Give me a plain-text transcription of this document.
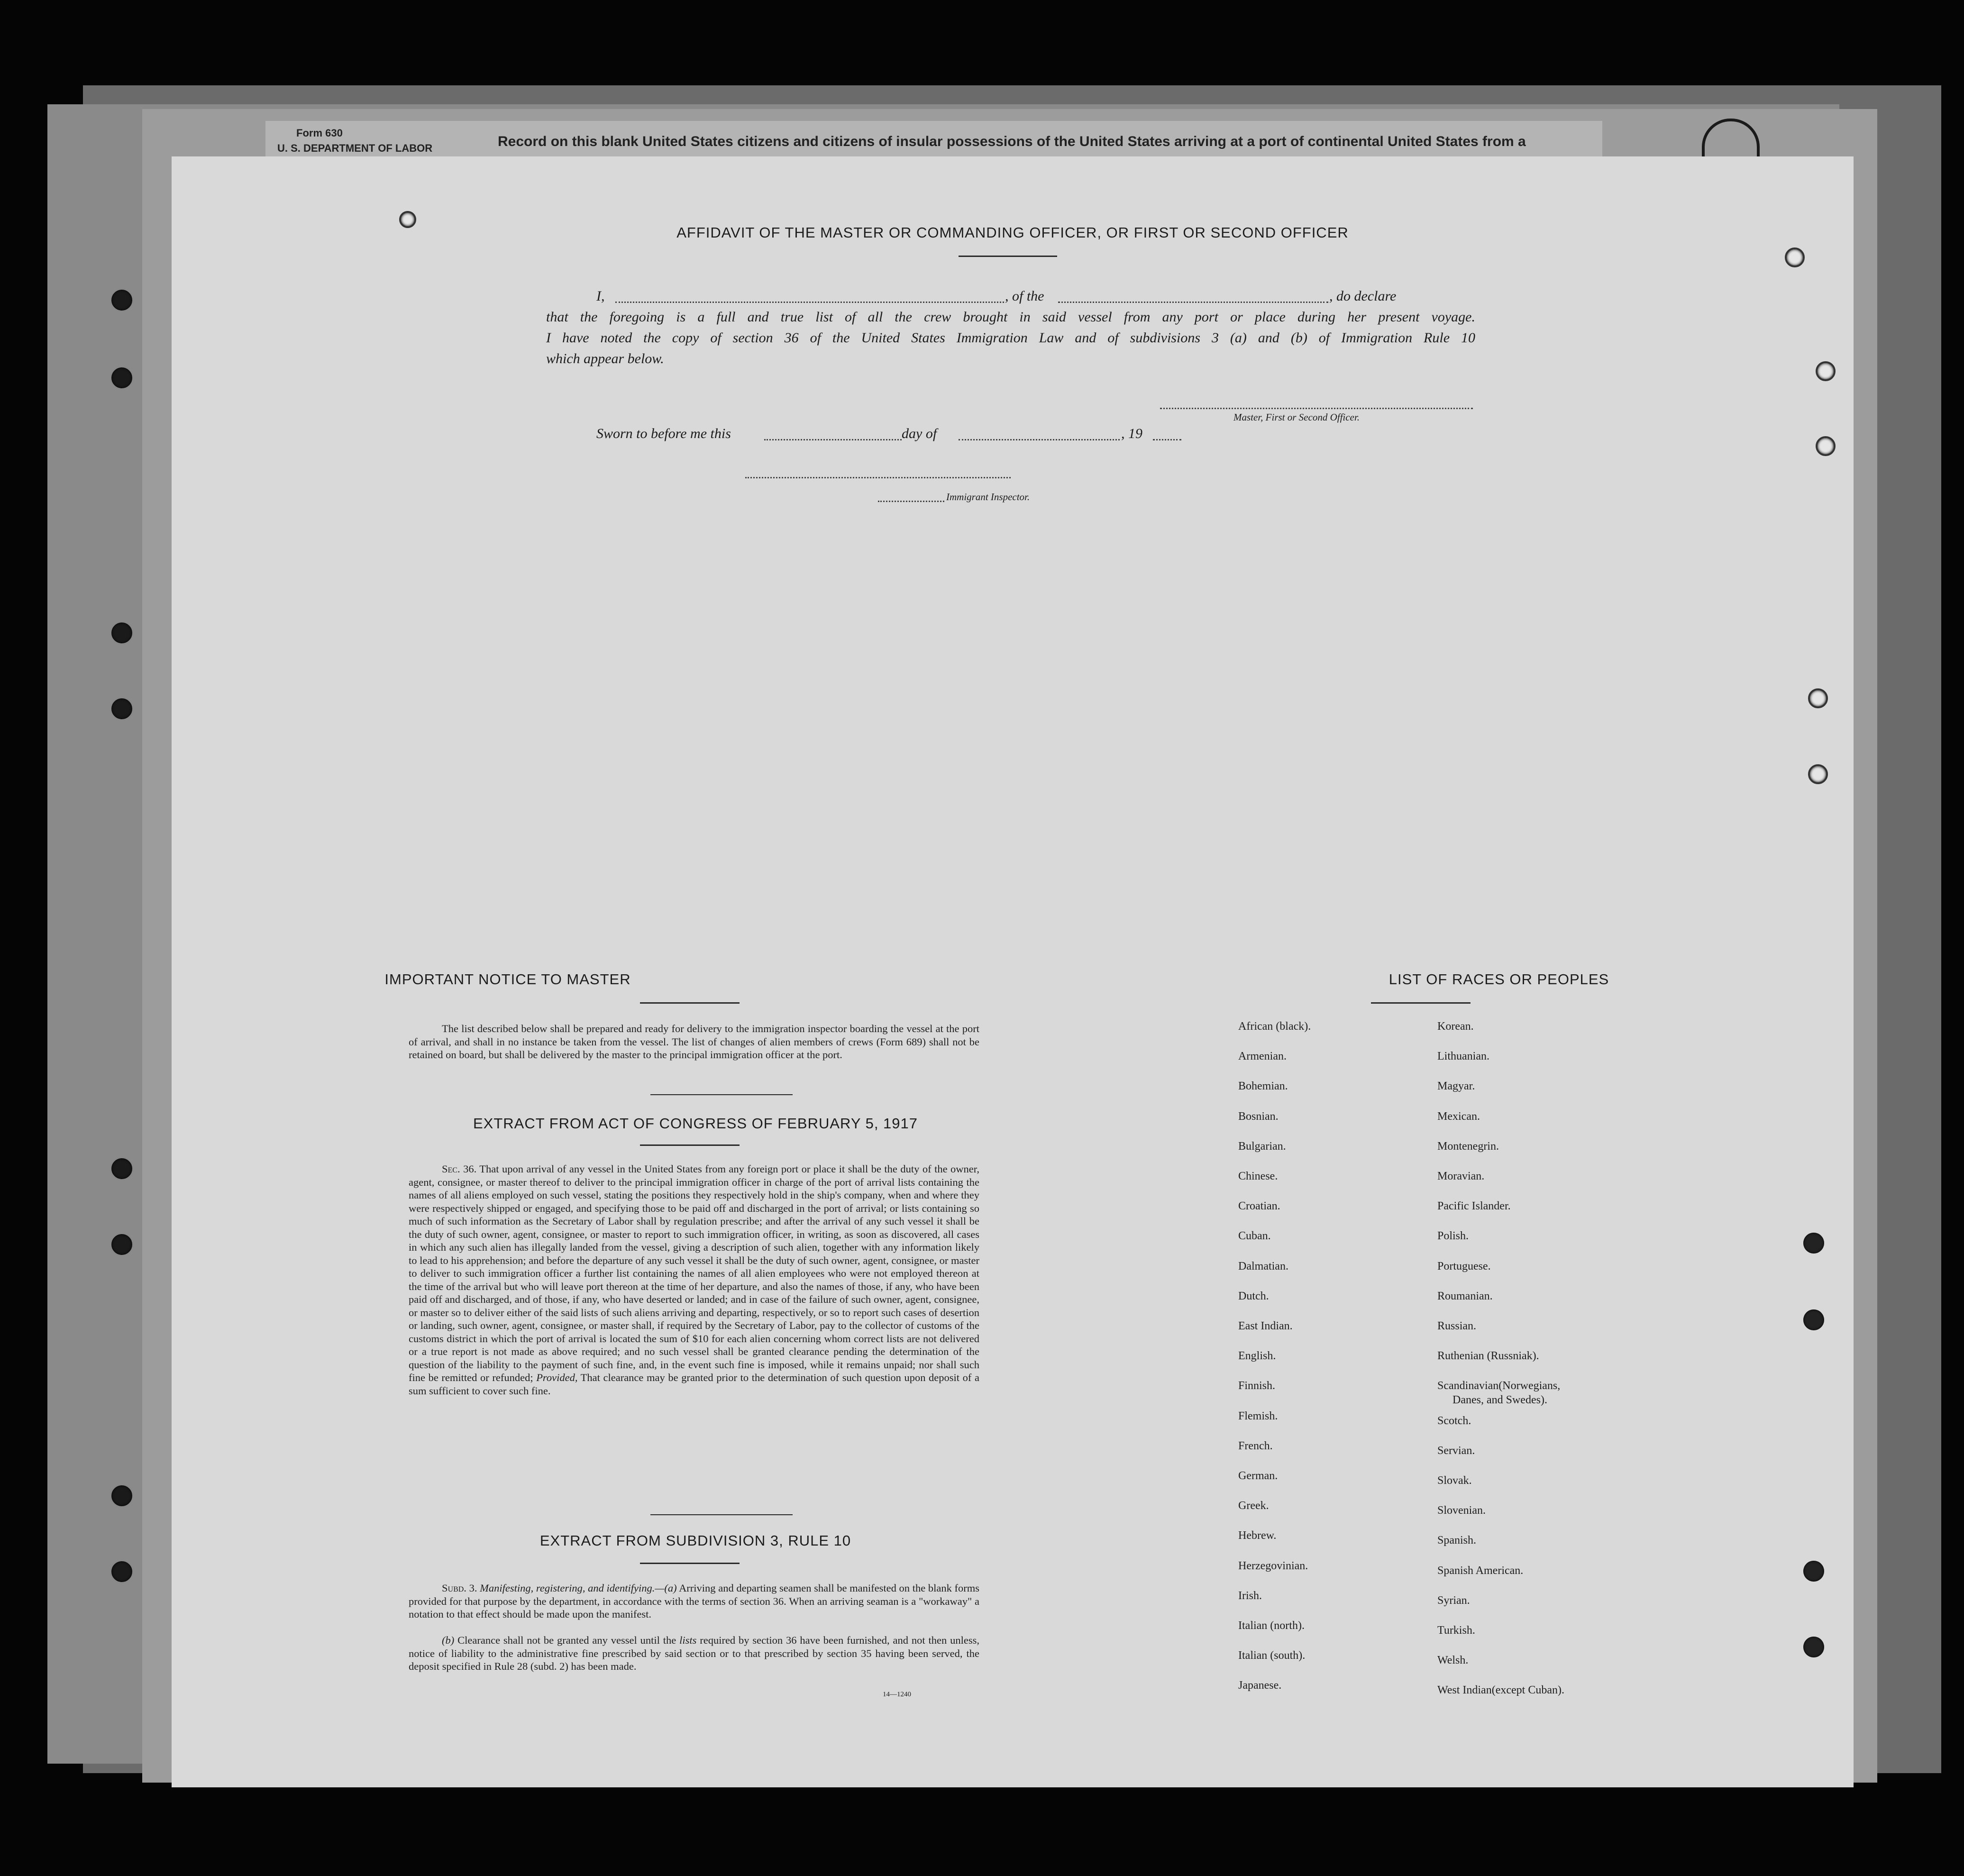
Form 630
U. S. DEPARTMENT OF LABOR	Record on this blank United States citizens and citizens of insular possessions of the United States arriving at a port of continental United States from a
AFFIDAVIT OF THE MASTER OR COMMANDING OFFICER, OR FIRST OR SECOND OFFICER
I,	, of the	, do declare
that the foregoing is a full and true list of all the crew brought in said vessel from any port or place during her present voyage.
I have noted the copy of section 36 of the United States Immigration Law and of subdivisions 3 (a) and (b) of Immigration Rule 10
which appear below.
Master, First or Second Officer.
Sworn to before me this	day of	, 19
Immigrant Inspector.
IMPORTANT NOTICE TO MASTER
The list described below shall be prepared and ready for delivery to the immigration inspector boarding the vessel at the port of arrival, and shall in no instance be taken from the vessel. The list of changes of alien members of crews (Form 689) shall not be retained on board, but shall be delivered by the master to the principal immigration officer at the port.
EXTRACT FROM ACT OF CONGRESS OF FEBRUARY 5, 1917
Sec. 36. That upon arrival of any vessel in the United States from any foreign port or place it shall be the duty of the owner, agent, consignee, or master thereof to deliver to the principal immigration officer in charge of the port of arrival lists containing the names of all aliens employed on such vessel, stating the positions they respectively hold in the ship's company, when and where they were respectively shipped or engaged, and specifying those to be paid off and discharged in the port of arrival; or lists containing so much of such information as the Secretary of Labor shall by regulation prescribe; and after the arrival of any such vessel it shall be the duty of such owner, agent, consignee, or master to report to such immigration officer, in writing, as soon as discovered, all cases in which any such alien has illegally landed from the vessel, giving a description of such alien, together with any information likely to lead to his apprehension; and before the departure of any such vessel it shall be the duty of such owner, agent, consignee, or master to deliver to such immigration officer a further list containing the names of all alien employees who were not employed thereon at the time of the arrival but who will leave port thereon at the time of her departure, and also the names of those, if any, who have been paid off and discharged, and of those, if any, who have deserted or landed; and in case of the failure of such owner, agent, consignee, or master so to deliver either of the said lists of such aliens arriving and departing, respectively, or so to report such cases of desertion or landing, such owner, agent, consignee, or master shall, if required by the Secretary of Labor, pay to the collector of customs of the customs district in which the port of arrival is located the sum of $10 for each alien concerning whom correct lists are not delivered or a true report is not made as above required; and no such vessel shall be granted clearance pending the determination of the question of the liability to the payment of such fine, and, in the event such fine is imposed, while it remains unpaid; nor shall such fine be remitted or refunded; Provided, That clearance may be granted prior to the determination of such question upon deposit of a sum sufficient to cover such fine.
EXTRACT FROM SUBDIVISION 3, RULE 10
Subd. 3. Manifesting, registering, and identifying.—(a) Arriving and departing seamen shall be manifested on the blank forms provided for that purpose by the department, in accordance with the terms of section 36. When an arriving seaman is a "workaway" a notation to that effect should be made upon the manifest.
(b) Clearance shall not be granted any vessel until the lists required by section 36 have been furnished, and not then unless, notice of liability to the administrative fine prescribed by said section or to that prescribed by section 35 having been served, the deposit specified in Rule 28 (subd. 2) has been made.
14—1240
LIST OF RACES OR PEOPLES
Danes, and Swedes).
African (black).
Armenian.
Bohemian.
Bosnian.
Bulgarian.
Chinese.
Croatian.
Cuban.
Dalmatian.
Dutch.
East Indian.
English.
Finnish.
Flemish.
French.
German.
Greek.
Hebrew.
Herzegovinian.
Irish.
Italian (north).
Italian (south).
Japanese.
Korean.
Lithuanian.
Magyar.
Mexican.
Montenegrin.
Moravian.
Pacific Islander.
Polish.
Portuguese.
Roumanian.
Russian.
Ruthenian (Russniak).
Scandinavian(Norwegians,
Scotch.
Servian.
Slovak.
Slovenian.
Spanish.
Spanish American.
Syrian.
Turkish.
Welsh.
West Indian(except Cuban).
